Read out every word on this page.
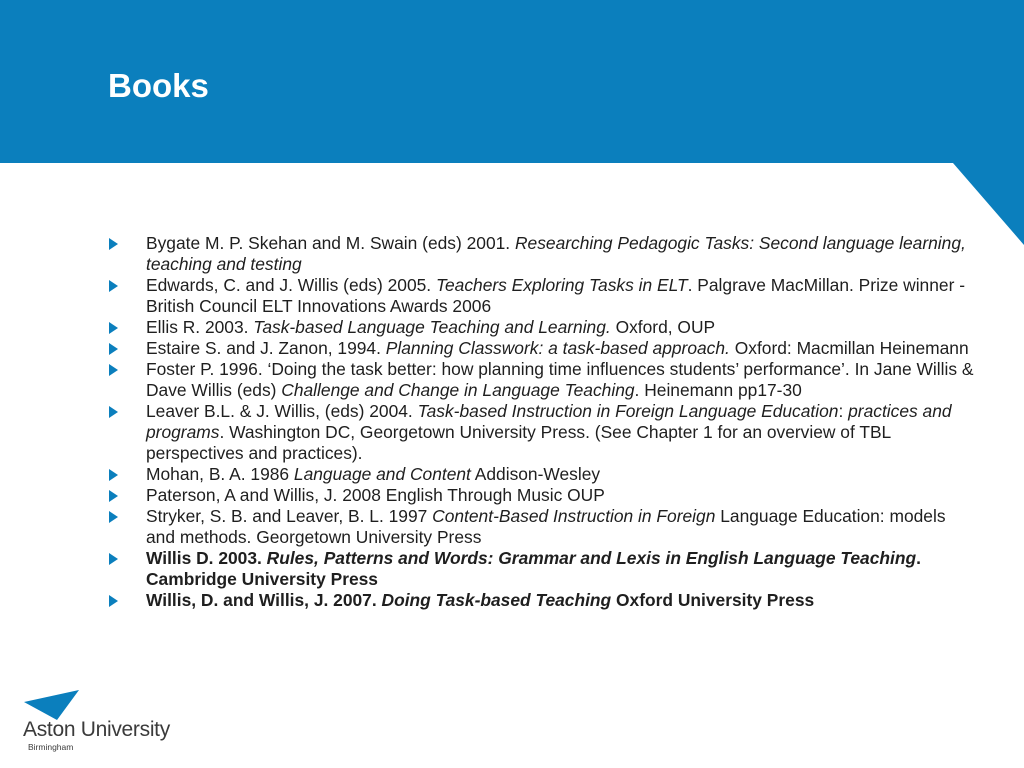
Books
Bygate M. P. Skehan and M. Swain (eds) 2001. Researching Pedagogic Tasks: Second language learning, teaching and testing
Edwards, C. and J. Willis (eds) 2005. Teachers Exploring Tasks in ELT. Palgrave MacMillan. Prize winner - British Council ELT Innovations Awards 2006
Ellis R. 2003. Task-based Language Teaching and Learning. Oxford, OUP
Estaire S. and J. Zanon, 1994. Planning Classwork: a task-based approach. Oxford: Macmillan Heinemann
Foster P. 1996. ‘Doing the task better: how planning time influences students’ performance’. In Jane Willis & Dave Willis (eds) Challenge and Change in Language Teaching. Heinemann pp17-30
Leaver B.L. & J. Willis, (eds) 2004. Task-based Instruction in Foreign Language Education: practices and programs. Washington DC, Georgetown University Press. (See Chapter 1 for an overview of TBL perspectives and practices).
Mohan, B. A. 1986 Language and Content Addison-Wesley
Paterson, A and Willis, J. 2008 English Through Music OUP
Stryker, S. B. and Leaver, B. L. 1997 Content-Based Instruction in Foreign Language Education: models and methods. Georgetown University Press
Willis D. 2003. Rules, Patterns and Words: Grammar and Lexis in English Language Teaching. Cambridge University Press
Willis, D. and Willis, J. 2007. Doing Task-based Teaching Oxford University Press
Aston University
Birmingham
